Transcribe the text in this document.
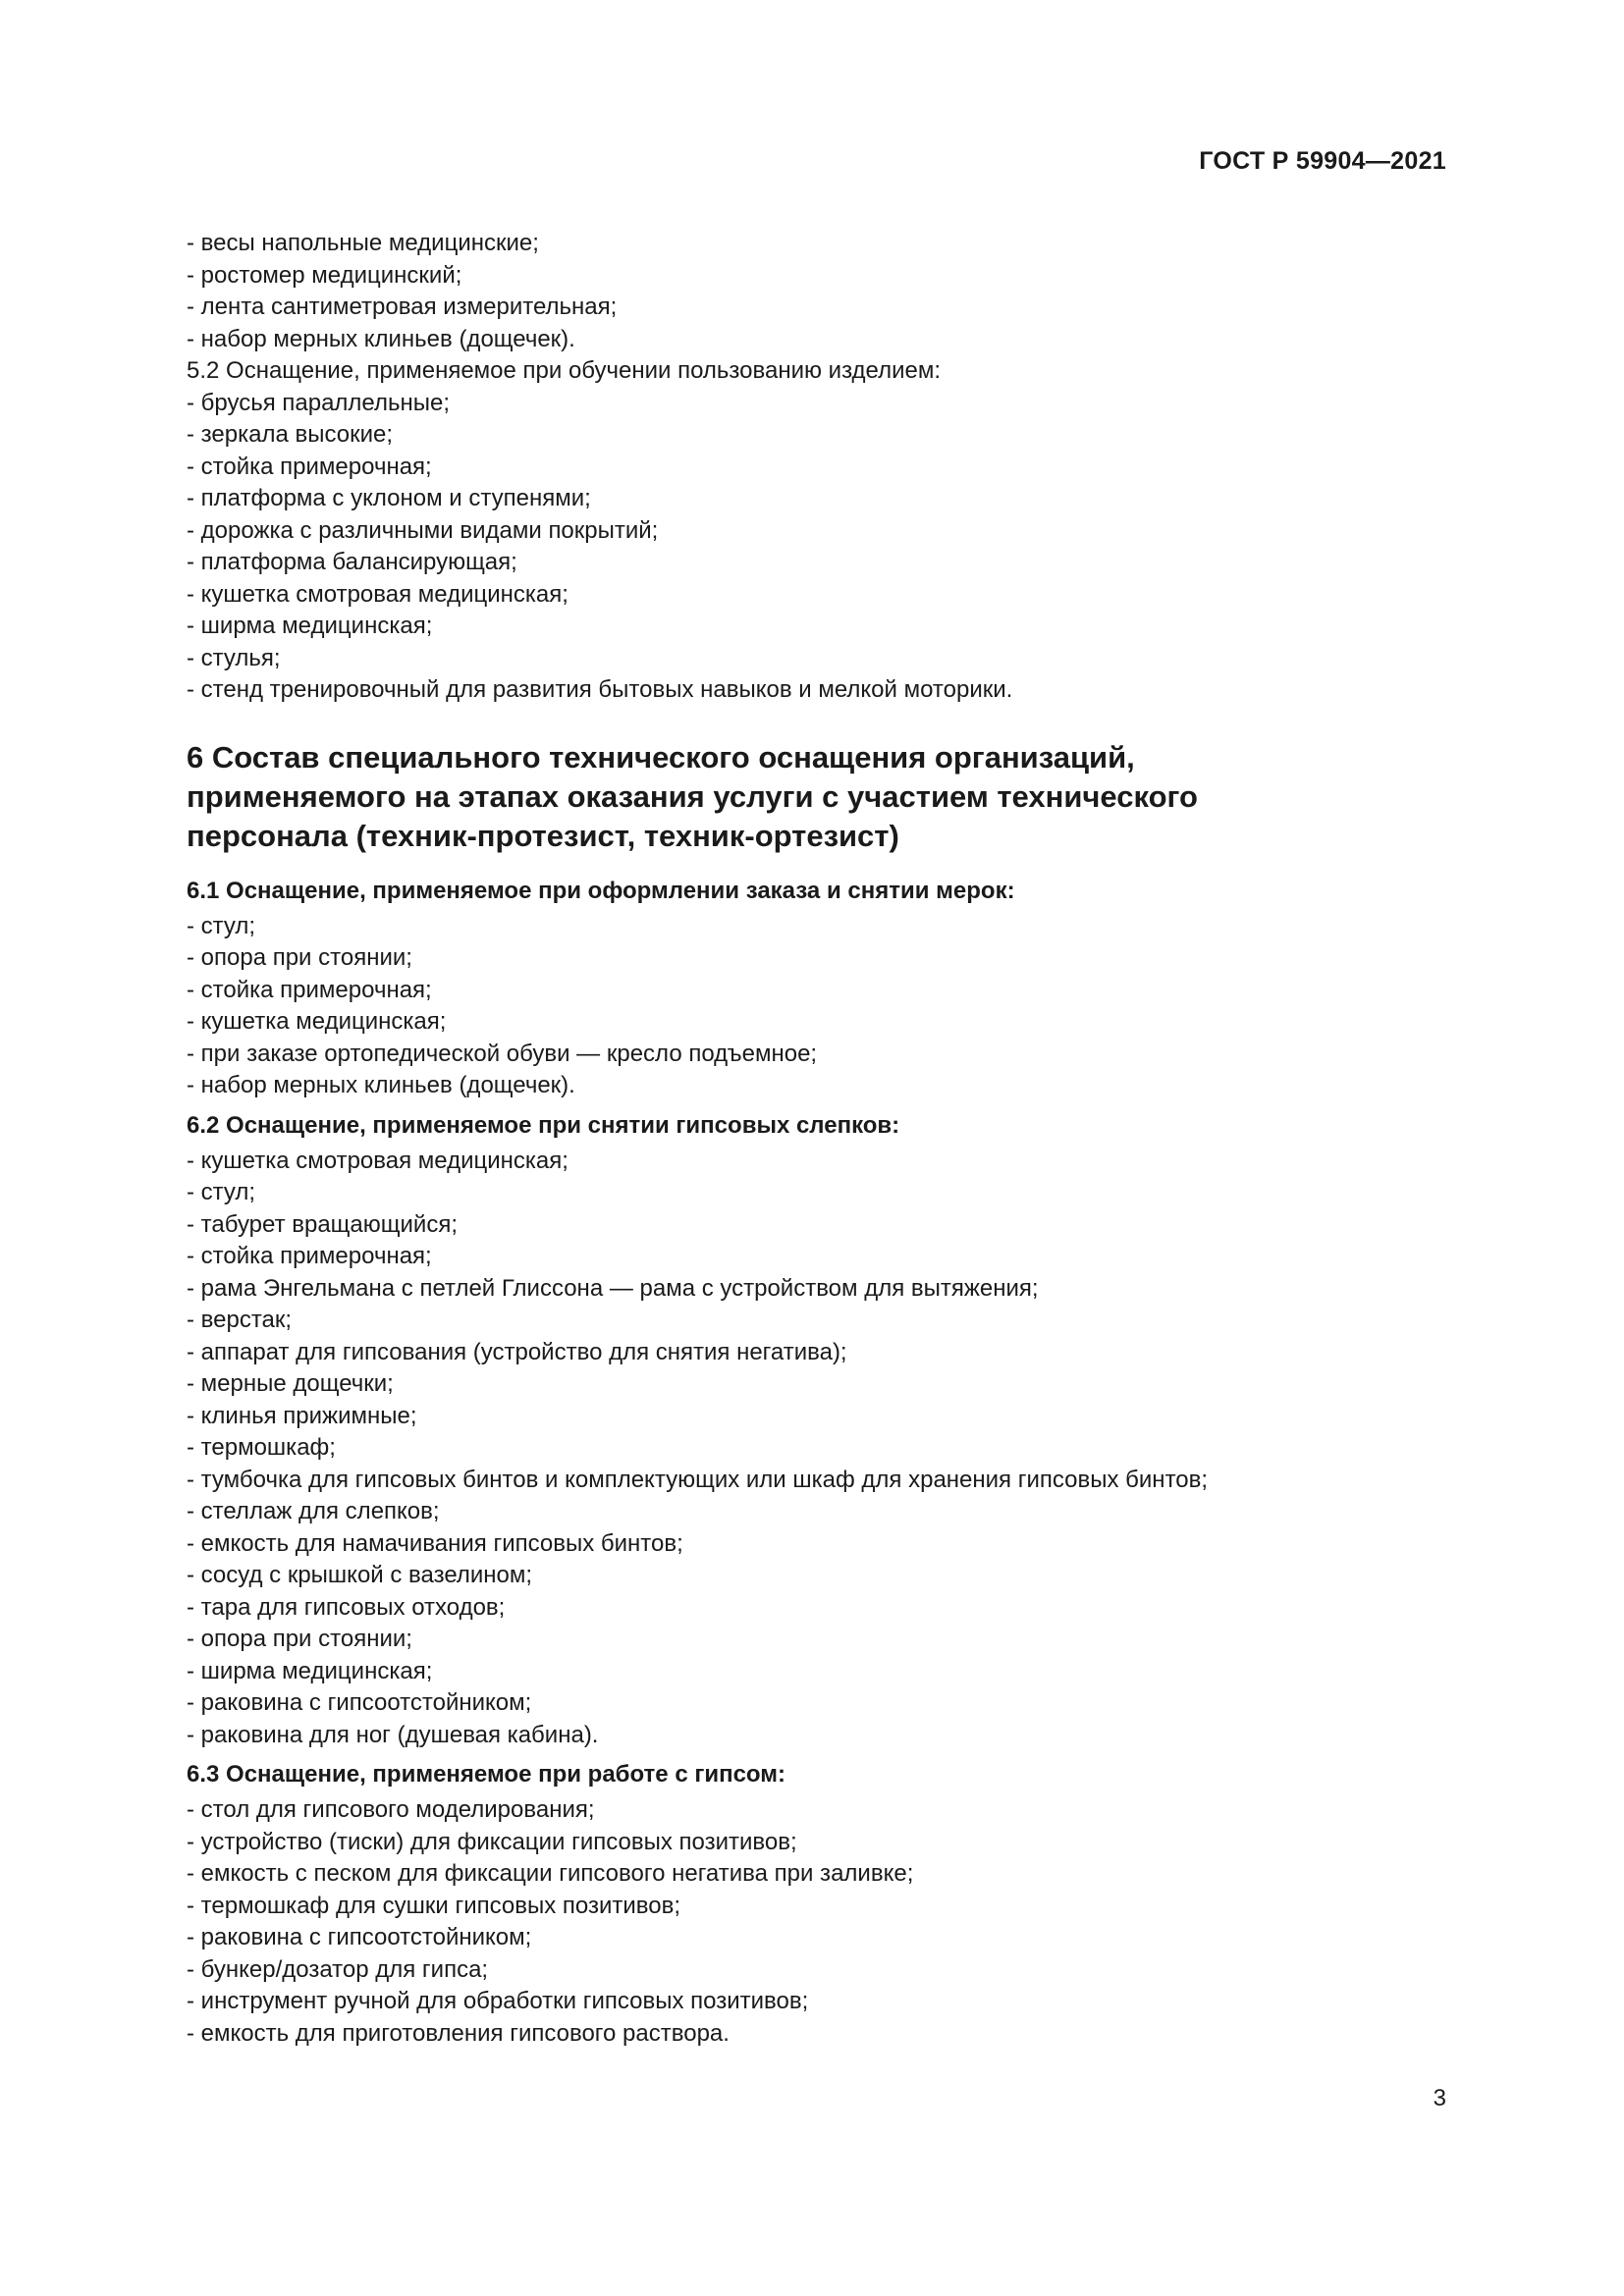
ГОСТ Р 59904—2021
- весы напольные медицинские;
- ростомер медицинский;
- лента сантиметровая измерительная;
- набор мерных клиньев (дощечек).
5.2 Оснащение, применяемое при обучении пользованию изделием:
- брусья параллельные;
- зеркала высокие;
- стойка примерочная;
- платформа с уклоном и ступенями;
- дорожка с различными видами покрытий;
- платформа балансирующая;
- кушетка смотровая медицинская;
- ширма медицинская;
- стулья;
- стенд тренировочный для развития бытовых навыков и мелкой моторики.
6 Состав специального технического оснащения организаций,
применяемого на этапах оказания услуги с участием технического
персонала (техник-протезист, техник-ортезист)
6.1 Оснащение, применяемое при оформлении заказа и снятии мерок:
- стул;
- опора при стоянии;
- стойка примерочная;
- кушетка медицинская;
- при заказе ортопедической обуви — кресло подъемное;
- набор мерных клиньев (дощечек).
6.2 Оснащение, применяемое при снятии гипсовых слепков:
- кушетка смотровая медицинская;
- стул;
- табурет вращающийся;
- стойка примерочная;
- рама Энгельмана с петлей Глиссона — рама с устройством для вытяжения;
- верстак;
- аппарат для гипсования (устройство для снятия негатива);
- мерные дощечки;
- клинья прижимные;
- термошкаф;
- тумбочка для гипсовых бинтов и комплектующих или шкаф для хранения гипсовых бинтов;
- стеллаж для слепков;
- емкость для намачивания гипсовых бинтов;
- сосуд с крышкой с вазелином;
- тара для гипсовых отходов;
- опора при стоянии;
- ширма медицинская;
- раковина с гипсоотстойником;
- раковина для ног (душевая кабина).
6.3 Оснащение, применяемое при работе с гипсом:
- стол для гипсового моделирования;
- устройство (тиски) для фиксации гипсовых позитивов;
- емкость с песком для фиксации гипсового негатива при заливке;
- термошкаф для сушки гипсовых позитивов;
- раковина с гипсоотстойником;
- бункер/дозатор для гипса;
- инструмент ручной для обработки гипсовых позитивов;
- емкость для приготовления гипсового раствора.
3
